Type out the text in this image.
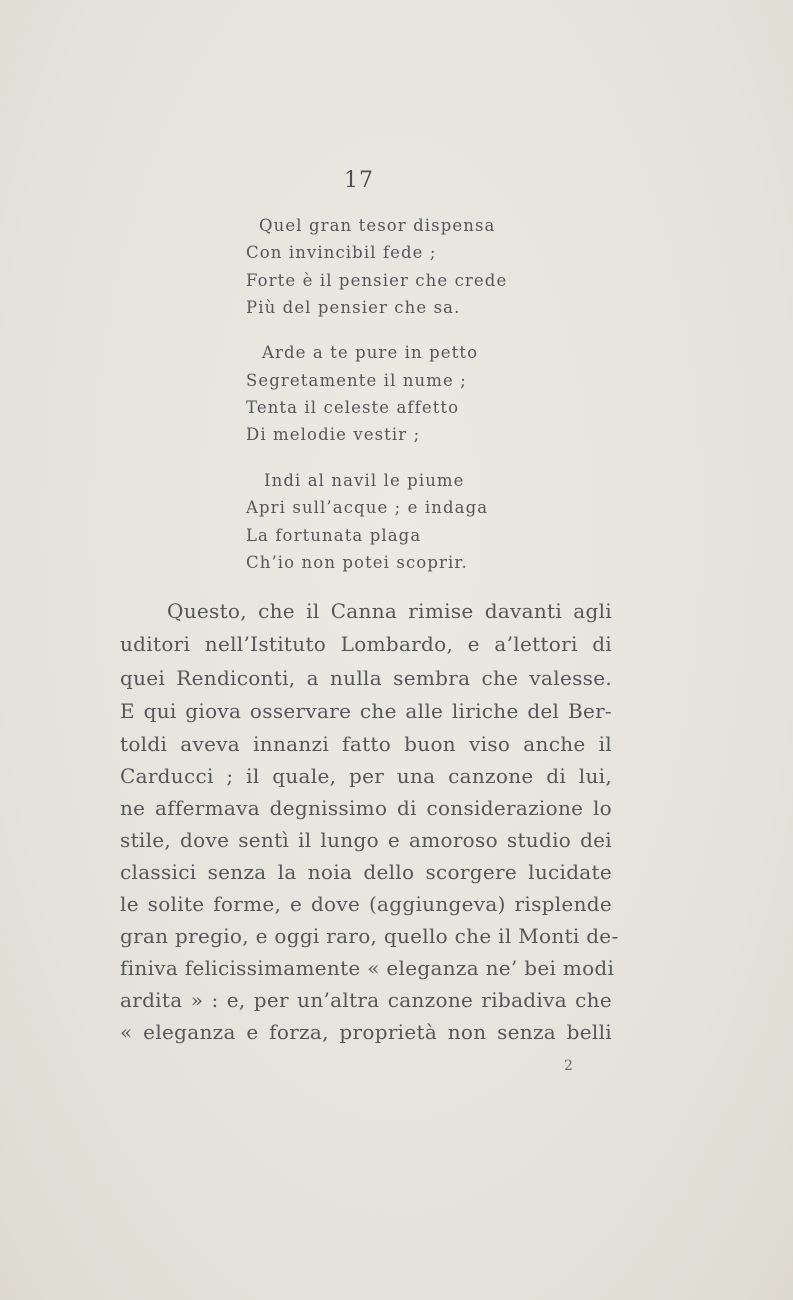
17
Quel gran tesor dispensa
Con invincibil fede ;
Forte è il pensier che crede
Più del pensier che sa.
Arde a te pure in petto
Segretamente il nume ;
Tenta il celeste affetto
Di melodie vestir ;
Indi al navil le piume
Apri sull’acque ; e indaga
La fortunata plaga
Ch’io non potei scoprir.
Questo, che il Canna rimise davanti agli
uditori nell’Istituto Lombardo, e a’lettori di
quei Rendiconti, a nulla sembra che valesse.
E qui giova osservare che alle liriche del Ber-
toldi aveva innanzi fatto buon viso anche il
Carducci ; il quale, per una canzone di lui,
ne affermava degnissimo di considerazione lo
stile, dove sentì il lungo e amoroso studio dei
classici senza la noia dello scorgere lucidate
le solite forme, e dove (aggiungeva) risplende
gran pregio, e oggi raro, quello che il Monti de-
finiva felicissimamente « eleganza ne’ bei modi
ardita » : e, per un’altra canzone ribadiva che
« eleganza e forza, proprietà non senza belli
2
